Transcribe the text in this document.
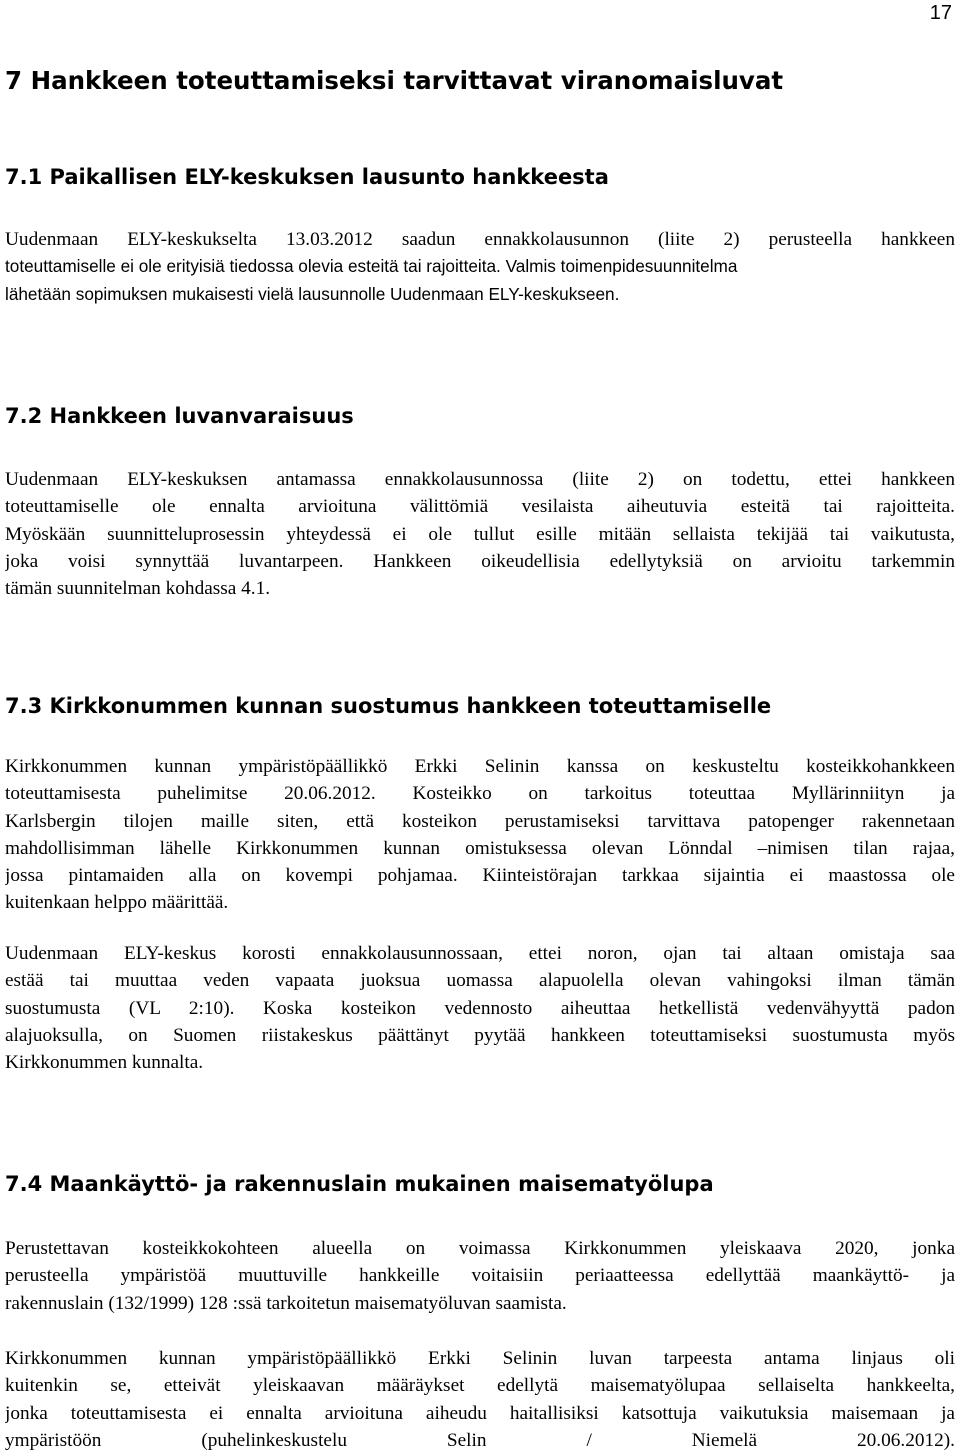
17
7 Hankkeen toteuttamiseksi tarvittavat viranomaisluvat
7.1 Paikallisen ELY-keskuksen lausunto hankkeesta
Uudenmaan ELY-keskukselta 13.03.2012 saadun ennakkolausunnon (liite 2) perusteella hankkeen
toteuttamiselle ei ole erityisiä tiedossa olevia esteitä tai rajoitteita. Valmis toimenpidesuunnitelma
lähetään sopimuksen mukaisesti vielä lausunnolle Uudenmaan ELY-keskukseen.
7.2 Hankkeen luvanvaraisuus
Uudenmaan ELY-keskuksen antamassa ennakkolausunnossa (liite 2) on todettu, ettei hankkeen
toteuttamiselle ole ennalta arvioituna välittömiä vesilaista aiheutuvia esteitä tai rajoitteita.
Myöskään suunnitteluprosessin yhteydessä ei ole tullut esille mitään sellaista tekijää tai vaikutusta,
joka voisi synnyttää luvantarpeen. Hankkeen oikeudellisia edellytyksiä on arvioitu tarkemmin
tämän suunnitelman kohdassa 4.1.
7.3 Kirkkonummen kunnan suostumus hankkeen toteuttamiselle
Kirkkonummen kunnan ympäristöpäällikkö Erkki Selinin kanssa on keskusteltu kosteikkohankkeen
toteuttamisesta puhelimitse 20.06.2012. Kosteikko on tarkoitus toteuttaa Myllärinniityn ja
Karlsbergin tilojen maille siten, että kosteikon perustamiseksi tarvittava patopenger rakennetaan
mahdollisimman lähelle Kirkkonummen kunnan omistuksessa olevan Lönndal –nimisen tilan rajaa,
jossa pintamaiden alla on kovempi pohjamaa. Kiinteistörajan tarkkaa sijaintia ei maastossa ole
kuitenkaan helppo määrittää.
Uudenmaan ELY-keskus korosti ennakkolausunnossaan, ettei noron, ojan tai altaan omistaja saa
estää tai muuttaa veden vapaata juoksua uomassa alapuolella olevan vahingoksi ilman tämän
suostumusta (VL 2:10). Koska kosteikon vedennosto aiheuttaa hetkellistä vedenvähyyttä padon
alajuoksulla, on Suomen riistakeskus päättänyt pyytää hankkeen toteuttamiseksi suostumusta myös
Kirkkonummen kunnalta.
7.4 Maankäyttö- ja rakennuslain mukainen maisematyölupa
Perustettavan kosteikkokohteen alueella on voimassa Kirkkonummen yleiskaava 2020, jonka
perusteella ympäristöä muuttuville hankkeille voitaisiin periaatteessa edellyttää maankäyttö- ja
rakennuslain (132/1999) 128 :ssä tarkoitetun maisematyöluvan saamista.
Kirkkonummen kunnan ympäristöpäällikkö Erkki Selinin luvan tarpeesta antama linjaus oli
kuitenkin se, etteivät yleiskaavan määräykset edellytä maisematyölupaa sellaiselta hankkeelta,
jonka toteuttamisesta ei ennalta arvioituna aiheudu haitallisiksi katsottuja vaikutuksia maisemaan ja
ympäristöön (puhelinkeskustelu Selin / Niemelä 20.06.2012).
